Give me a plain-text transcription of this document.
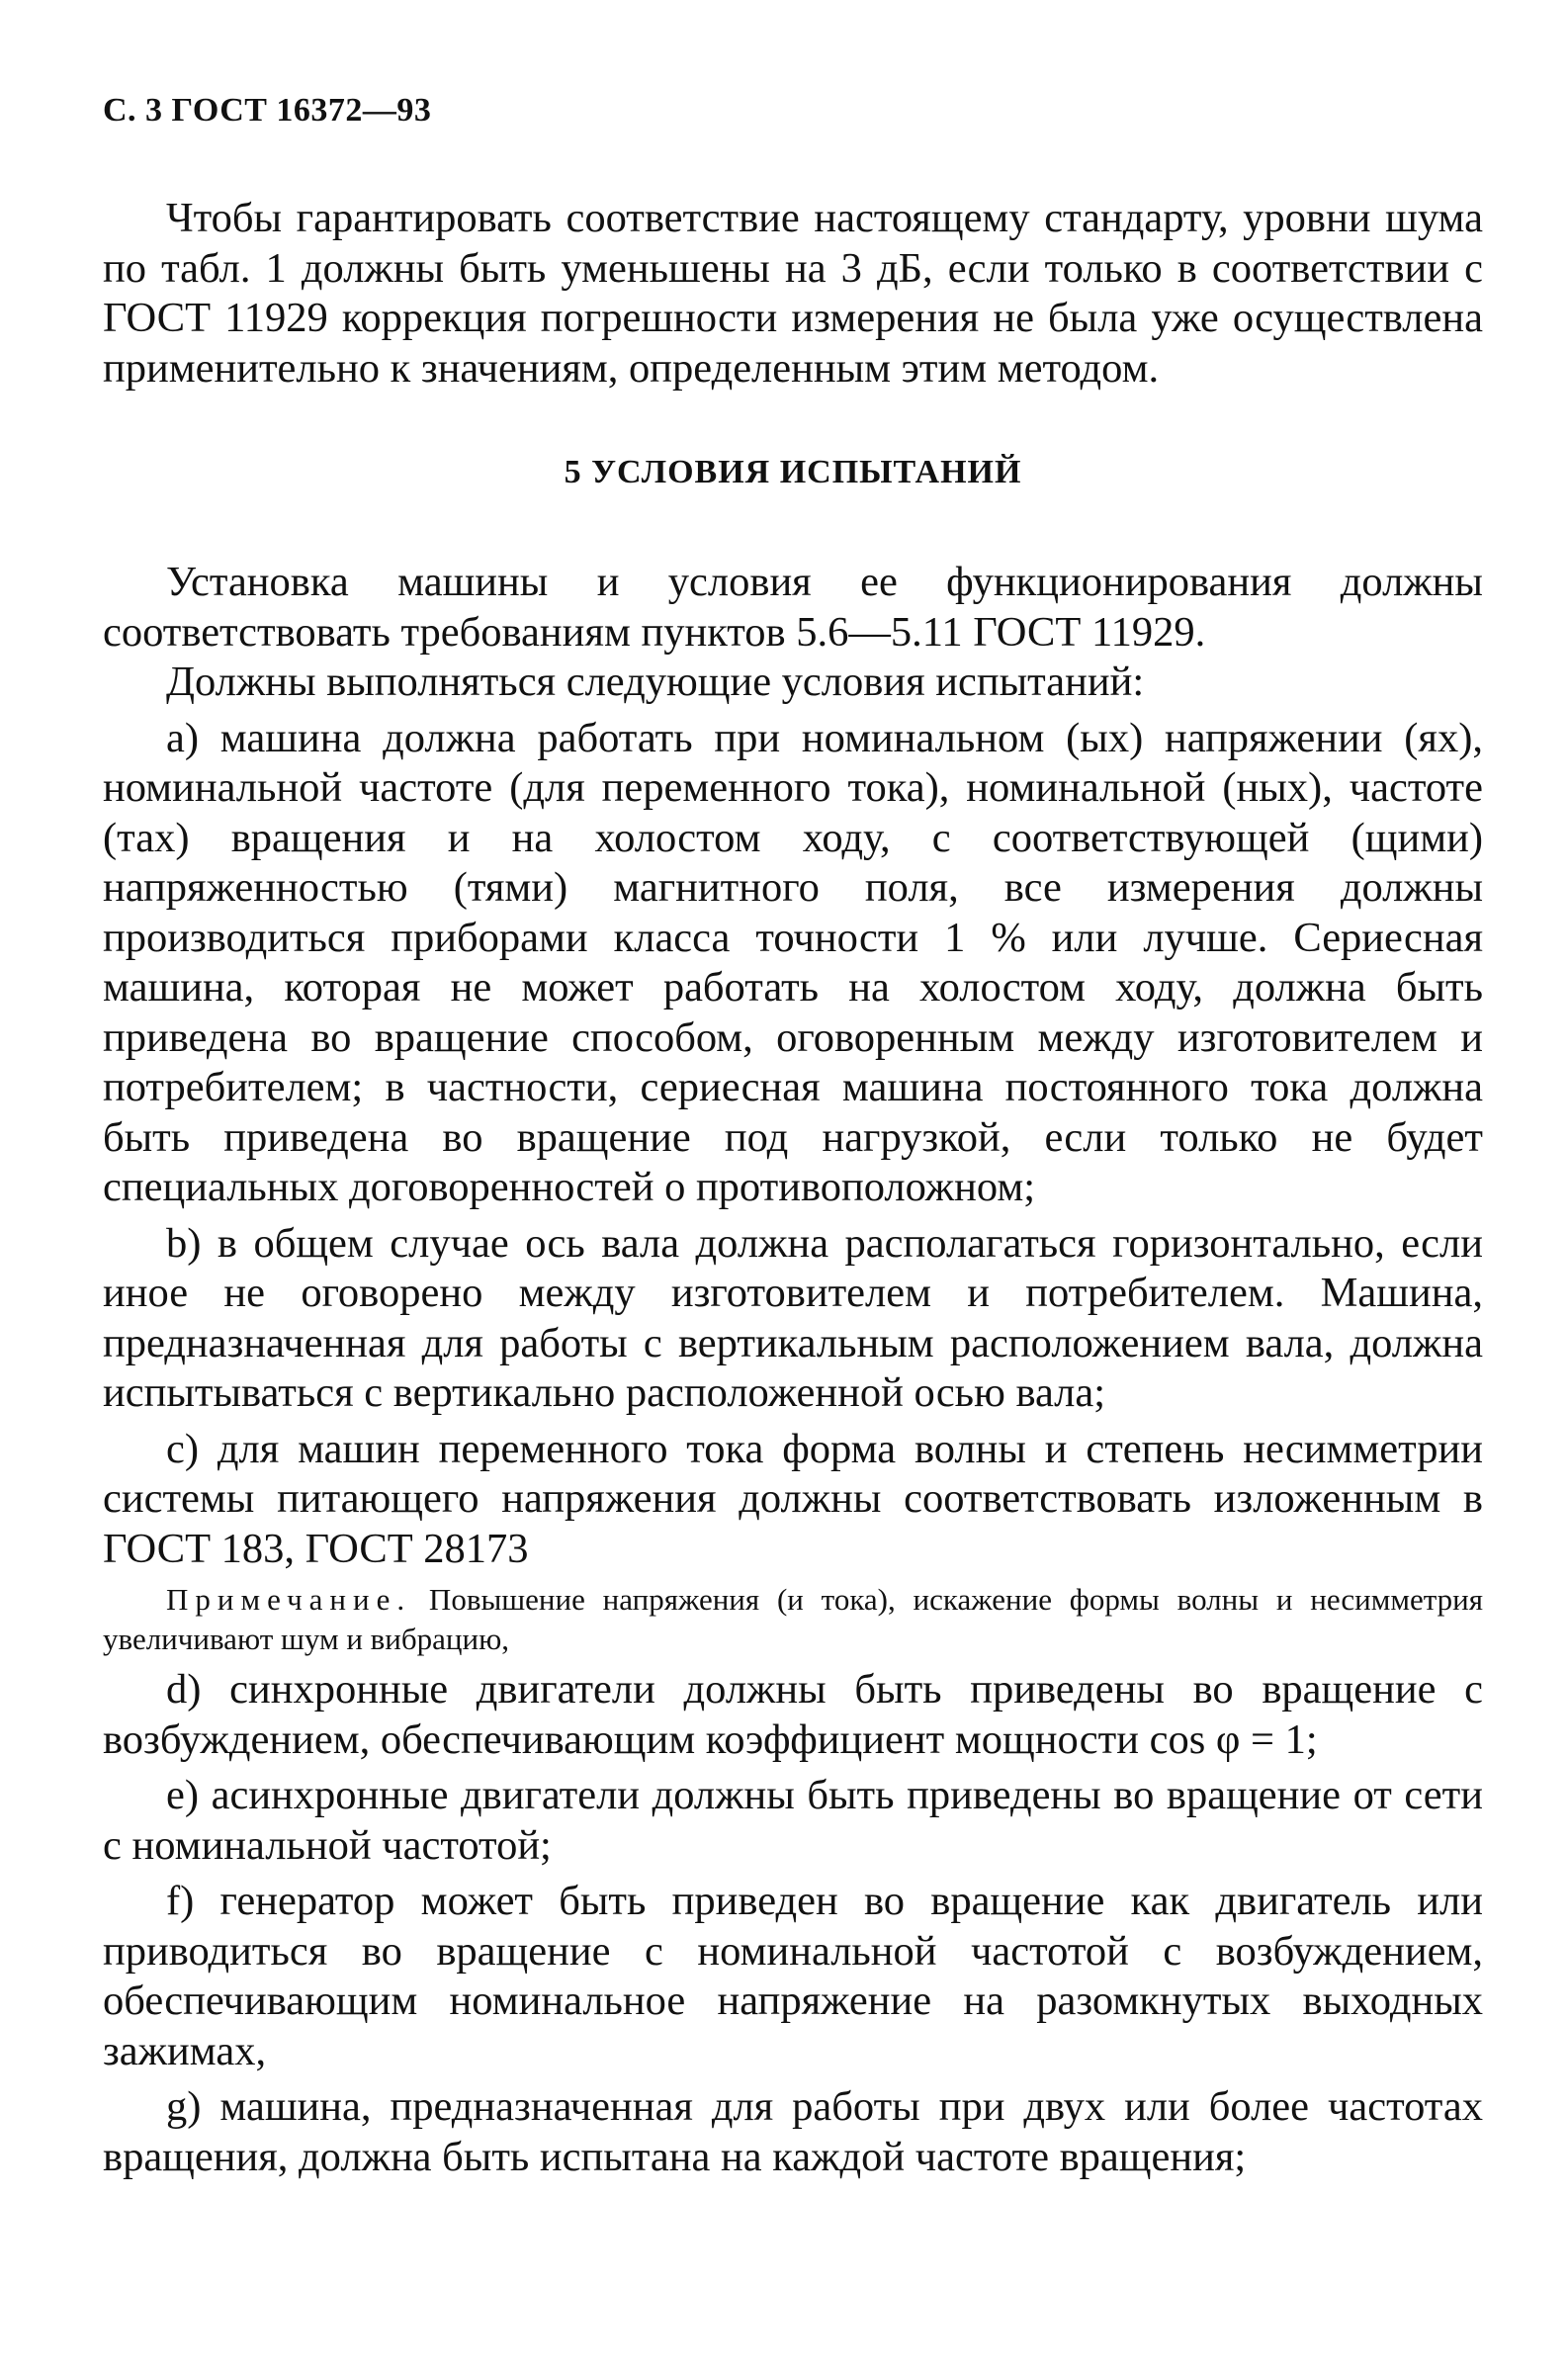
С. 3 ГОСТ 16372—93

Чтобы гарантировать соответствие настоящему стандарту, уровни шума по табл. 1 должны быть уменьшены на 3 дБ, если только в соответствии с ГОСТ 11929 коррекция погрешности измерения не была уже осуществлена применительно к значениям, определенным этим методом.

5 УСЛОВИЯ ИСПЫТАНИЙ

Установка машины и условия ее функционирования должны соответствовать требованиям пунктов 5.6—5.11 ГОСТ 11929.

Должны выполняться следующие условия испытаний:

а) машина должна работать при номинальном (ых) напряжении (ях), номинальной частоте (для переменного тока), номинальной (ных), частоте (тах) вращения и на холостом ходу, с соответствующей (щими) напряженностью (тями) магнитного поля, все измерения должны производиться приборами класса точности 1 % или лучше. Сериесная машина, которая не может работать на холостом ходу, должна быть приведена во вращение способом, оговоренным между изготовителем и потребителем; в частности, сериесная машина постоянного тока должна быть приведена во вращение под нагрузкой, если только не будет специальных договоренностей о противоположном;

b) в общем случае ось вала должна располагаться горизонтально, если иное не оговорено между изготовителем и потребителем. Машина, предназначенная для работы с вертикальным расположением вала, должна испытываться с вертикально расположенной осью вала;

с) для машин переменного тока форма волны и степень несимметрии системы питающего напряжения должны соответствовать изложенным в ГОСТ 183, ГОСТ 28173

Примечание. Повышение напряжения (и тока), искажение формы волны и несимметрия увеличивают шум и вибрацию,

d) синхронные двигатели должны быть приведены во вращение с возбуждением, обеспечивающим коэффициент мощности cos φ = 1;

e) асинхронные двигатели должны быть приведены во вращение от сети с номинальной частотой;

f) генератор может быть приведен во вращение как двигатель или приводиться во вращение с номинальной частотой с возбуждением, обеспечивающим номинальное напряжение на разомкнутых выходных зажимах,

g) машина, предназначенная для работы при двух или более частотах вращения, должна быть испытана на каждой частоте вращения;
